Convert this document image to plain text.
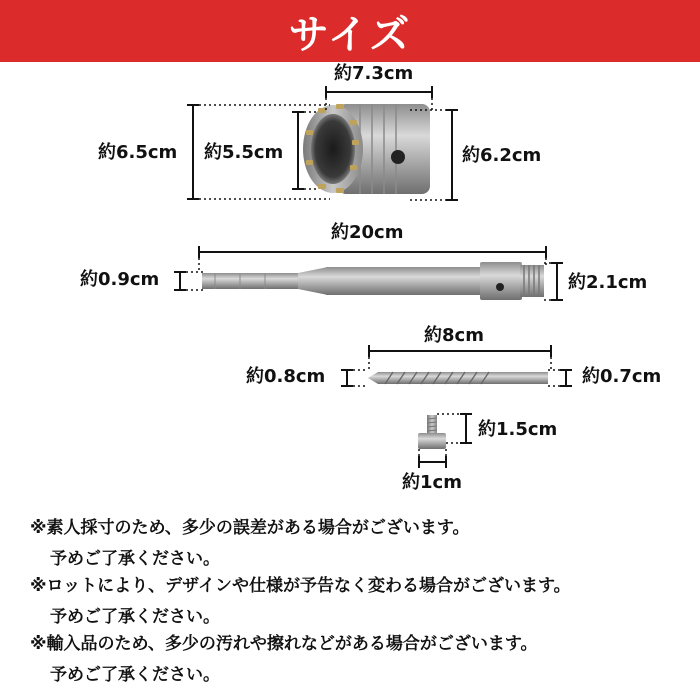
サイズ
約7.3cm
約6.5cm 約5.5cm	約6.2cm
約20cm
約0.9cm	約2.1cm
約8cm
約0.8cm	約0.7cm
約1.5cm
約1cm
※素人採寸のため、多少の誤差がある場合がございます。
予めご了承ください。
※ロットにより、デザインや仕様が予告なく変わる場合がございます。
予めご了承ください。
※輸入品のため、多少の汚れや擦れなどがある場合がございます。
予めご了承ください。
